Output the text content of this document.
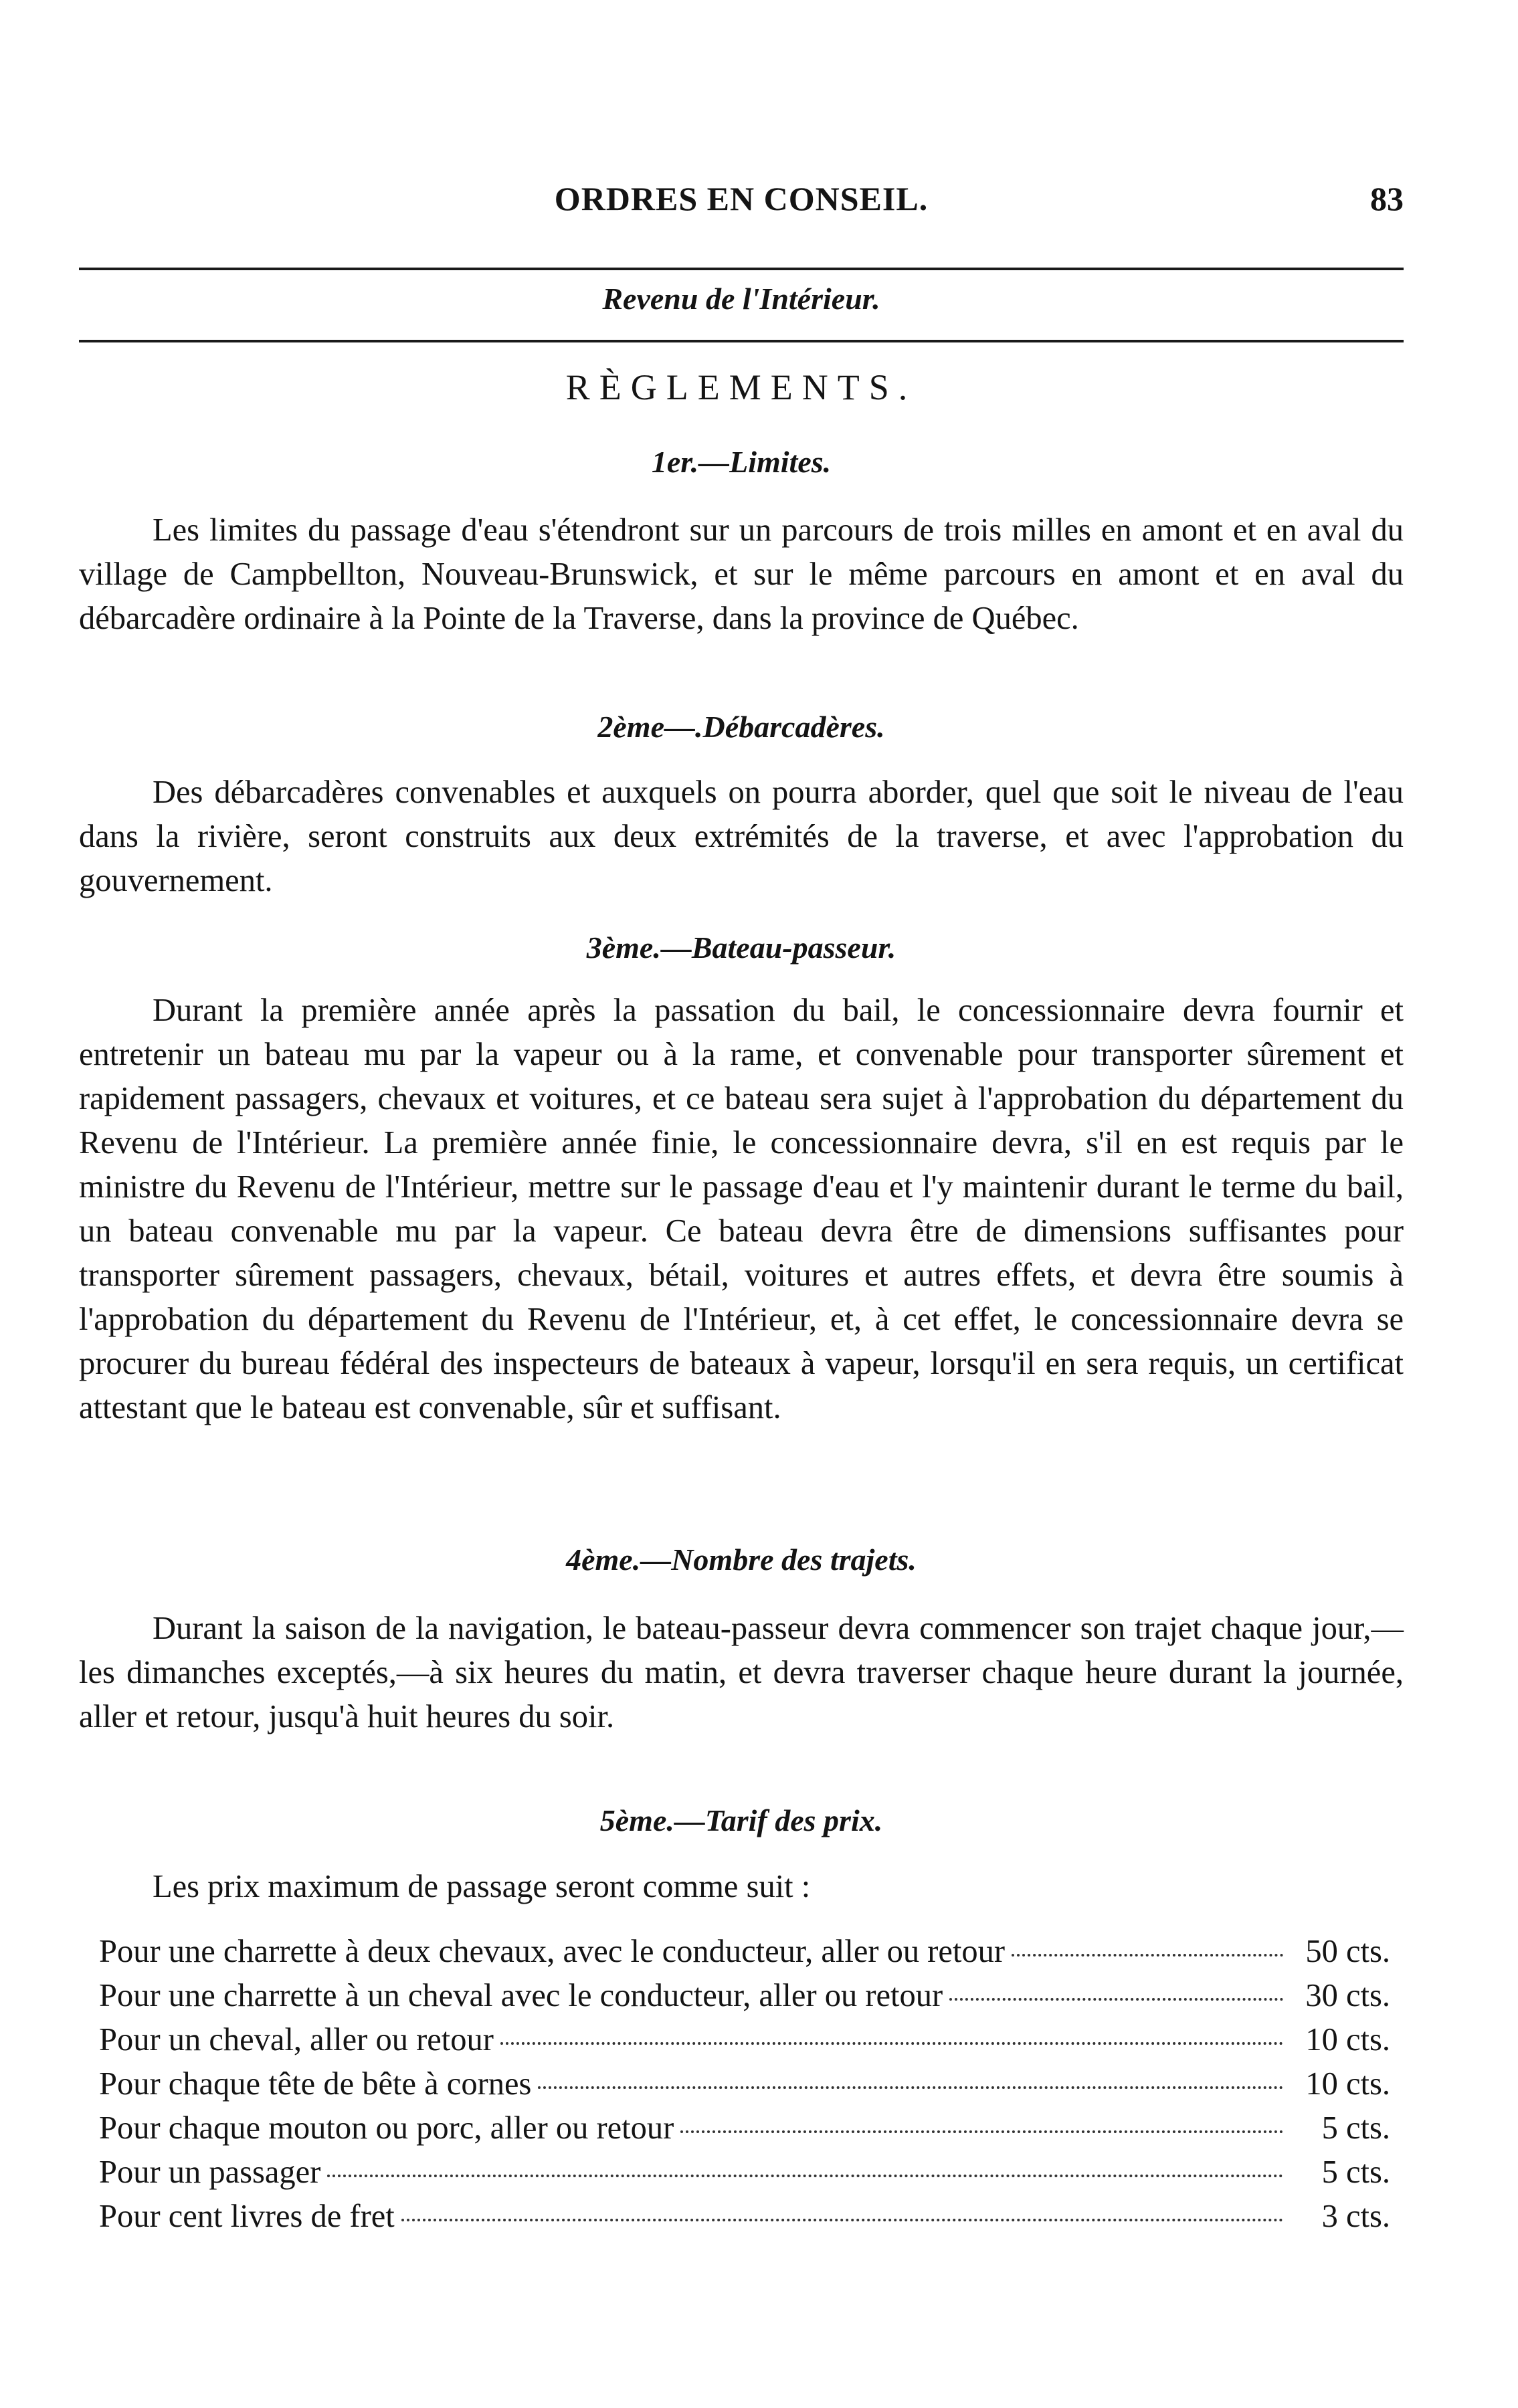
ORDRES EN CONSEIL.	83
Revenu de l'Intérieur.
RÈGLEMENTS.
1er.—Limites.

Les limites du passage d'eau s'étendront sur un parcours de trois milles en amont et en aval du village de Campbellton, Nouveau-Brunswick, et sur le même parcours en amont et en aval du débarcadère ordinaire à la Pointe de la Traverse, dans la province de Québec.

2ème—.Débarcadères.

Des débarcadères convenables et auxquels on pourra aborder, quel que soit le niveau de l'eau dans la rivière, seront construits aux deux extrémités de la traverse, et avec l'approbation du gouvernement.

3ème.—Bateau-passeur.

Durant la première année après la passation du bail, le concessionnaire devra fournir et entretenir un bateau mu par la vapeur ou à la rame, et convenable pour transporter sûrement et rapidement passagers, chevaux et voitures, et ce bateau sera sujet à l'approbation du département du Revenu de l'Intérieur. La première année finie, le concessionnaire devra, s'il en est requis par le ministre du Revenu de l'Intérieur, mettre sur le passage d'eau et l'y maintenir durant le terme du bail, un bateau convenable mu par la vapeur. Ce bateau devra être de dimensions suffisantes pour transporter sûrement passagers, chevaux, bétail, voitures et autres effets, et devra être soumis à l'approbation du département du Revenu de l'Intérieur, et, à cet effet, le concessionnaire devra se procurer du bureau fédéral des inspecteurs de bateaux à vapeur, lorsqu'il en sera requis, un certificat attestant que le bateau est convenable, sûr et suffisant.

4ème.—Nombre des trajets.

Durant la saison de la navigation, le bateau-passeur devra commencer son trajet chaque jour,—les dimanches exceptés,—à six heures du matin, et devra traverser chaque heure durant la journée, aller et retour, jusqu'à huit heures du soir.

5ème.—Tarif des prix.

Les prix maximum de passage seront comme suit :

Pour une charrette à deux chevaux, avec le conducteur, aller ou retour	50 cts.
Pour une charrette à un cheval avec le conducteur, aller ou retour	30 cts.
Pour un cheval, aller ou retour	10 cts.
Pour chaque tête de bête à cornes	10 cts.
Pour chaque mouton ou porc, aller ou retour	5 cts.
Pour un passager	5 cts.
Pour cent livres de fret	3 cts.
